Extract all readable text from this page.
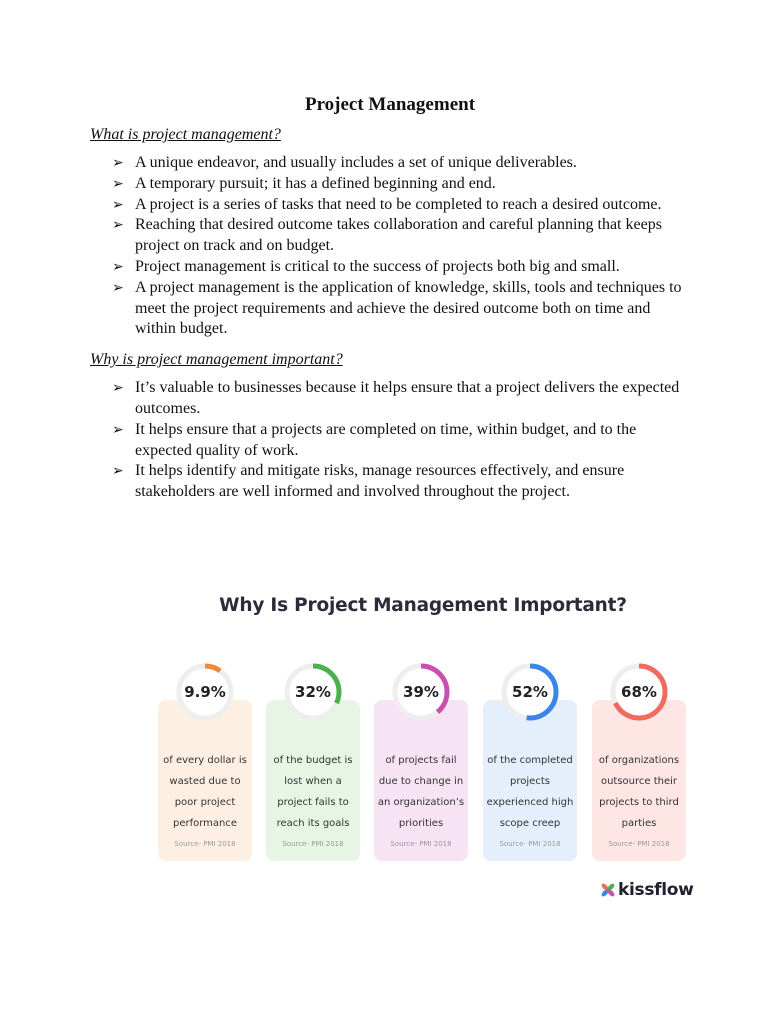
Project Management
What is project management?
➢ A unique endeavor, and usually includes a set of unique deliverables.
➢ A temporary pursuit; it has a defined beginning and end.
➢ A project is a series of tasks that need to be completed to reach a desired outcome.
➢ Reaching that desired outcome takes collaboration and careful planning that keeps project on track and on budget.
➢ Project management is critical to the success of projects both big and small.
➢ A project management is the application of knowledge, skills, tools and techniques to meet the project requirements and achieve the desired outcome both on time and within budget.
Why is project management important?
➢ It’s valuable to businesses because it helps ensure that a project delivers the expected outcomes.
➢ It helps ensure that a projects are completed on time, within budget, and to the expected quality of work.
➢ It helps identify and mitigate risks, manage resources effectively, and ensure stakeholders are well informed and involved throughout the project.
Why Is Project Management Important?
of every dollar is
wasted due to
poor project
performance
Source- PMI 2018
of the budget is
lost when a
project fails to
reach its goals
Source- PMI 2018
of projects fail
due to change in
an organization’s
priorities
Source- PMI 2018
of the completed
projects
experienced high
scope creep
Source- PMI 2018
of organizations
outsource their
projects to third
parties
Source- PMI 2018
9.9%	32%	39%	52%	68%
kissflow
